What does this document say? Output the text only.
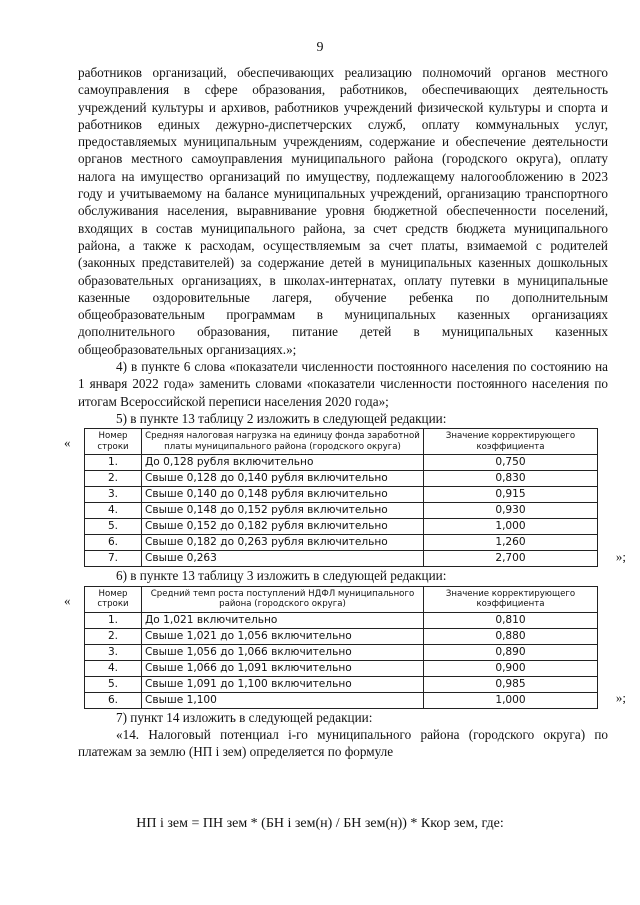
9

работников организаций, обеспечивающих реализацию полномочий органов местного самоуправления в сфере образования, работников, обеспечивающих деятельность учреждений культуры и архивов, работников учреждений физической культуры и спорта и работников единых дежурно-диспетчерских служб, оплату коммунальных услуг, предоставляемых муниципальным учреждениям, содержание и обеспечение деятельности органов местного самоуправления муниципального района (городского округа), оплату налога на имущество организаций по имуществу, подлежащему налогообложению в 2023 году и учитываемому на балансе муниципальных учреждений, организацию транспортного обслуживания населения, выравнивание уровня бюджетной обеспеченности поселений, входящих в состав муниципального района, за счет средств бюджета муниципального района, а также к расходам, осуществляемым за счет платы, взимаемой с родителей (законных представителей) за содержание детей в муниципальных казенных дошкольных образовательных организациях, в школах-интернатах, оплату путевки в муниципальные казенные оздоровительные лагеря, обучение ребенка по дополнительным общеобразовательным программам в муниципальных казенных организациях дополнительного образования, питание детей в муниципальных казенных общеобразовательных организациях.»;

4) в пункте 6 слова «показатели численности постоянного населения по состоянию на 1 января 2022 года» заменить словами «показатели численности постоянного населения по итогам Всероссийской переписи населения 2020 года»;

5) в пункте 13 таблицу 2 изложить в следующей редакции:

«	Номер строки	Средняя налоговая нагрузка на единицу фонда заработной платы муниципального района (городского округа)	Значение корректирующего коэффициента
1.	До 0,128 рубля включительно	0,750
2.	Свыше 0,128 до 0,140 рубля включительно	0,830
3.	Свыше 0,140 до 0,148 рубля включительно	0,915
4.	Свыше 0,148 до 0,152 рубля включительно	0,930
5.	Свыше 0,152 до 0,182 рубля включительно	1,000
6.	Свыше 0,182 до 0,263 рубля включительно	1,260
7.	Свыше 0,263	2,700	»;

6) в пункте 13 таблицу 3 изложить в следующей редакции:

«	Номер строки	Средний темп роста поступлений НДФЛ муниципального района (городского округа)	Значение корректирующего коэффициента
1.	До 1,021 включительно	0,810
2.	Свыше 1,021 до 1,056 включительно	0,880
3.	Свыше 1,056 до 1,066 включительно	0,890
4.	Свыше 1,066 до 1,091 включительно	0,900
5.	Свыше 1,091 до 1,100 включительно	0,985
6.	Свыше 1,100	1,000	»;

7) пункт 14 изложить в следующей редакции:

«14. Налоговый потенциал i-го муниципального района (городского округа) по платежам за землю (НП i зем) определяется по формуле

НП i зем = ПН зем * (БН i зем(н) / БН зем(н)) * Ккор зем, где:
